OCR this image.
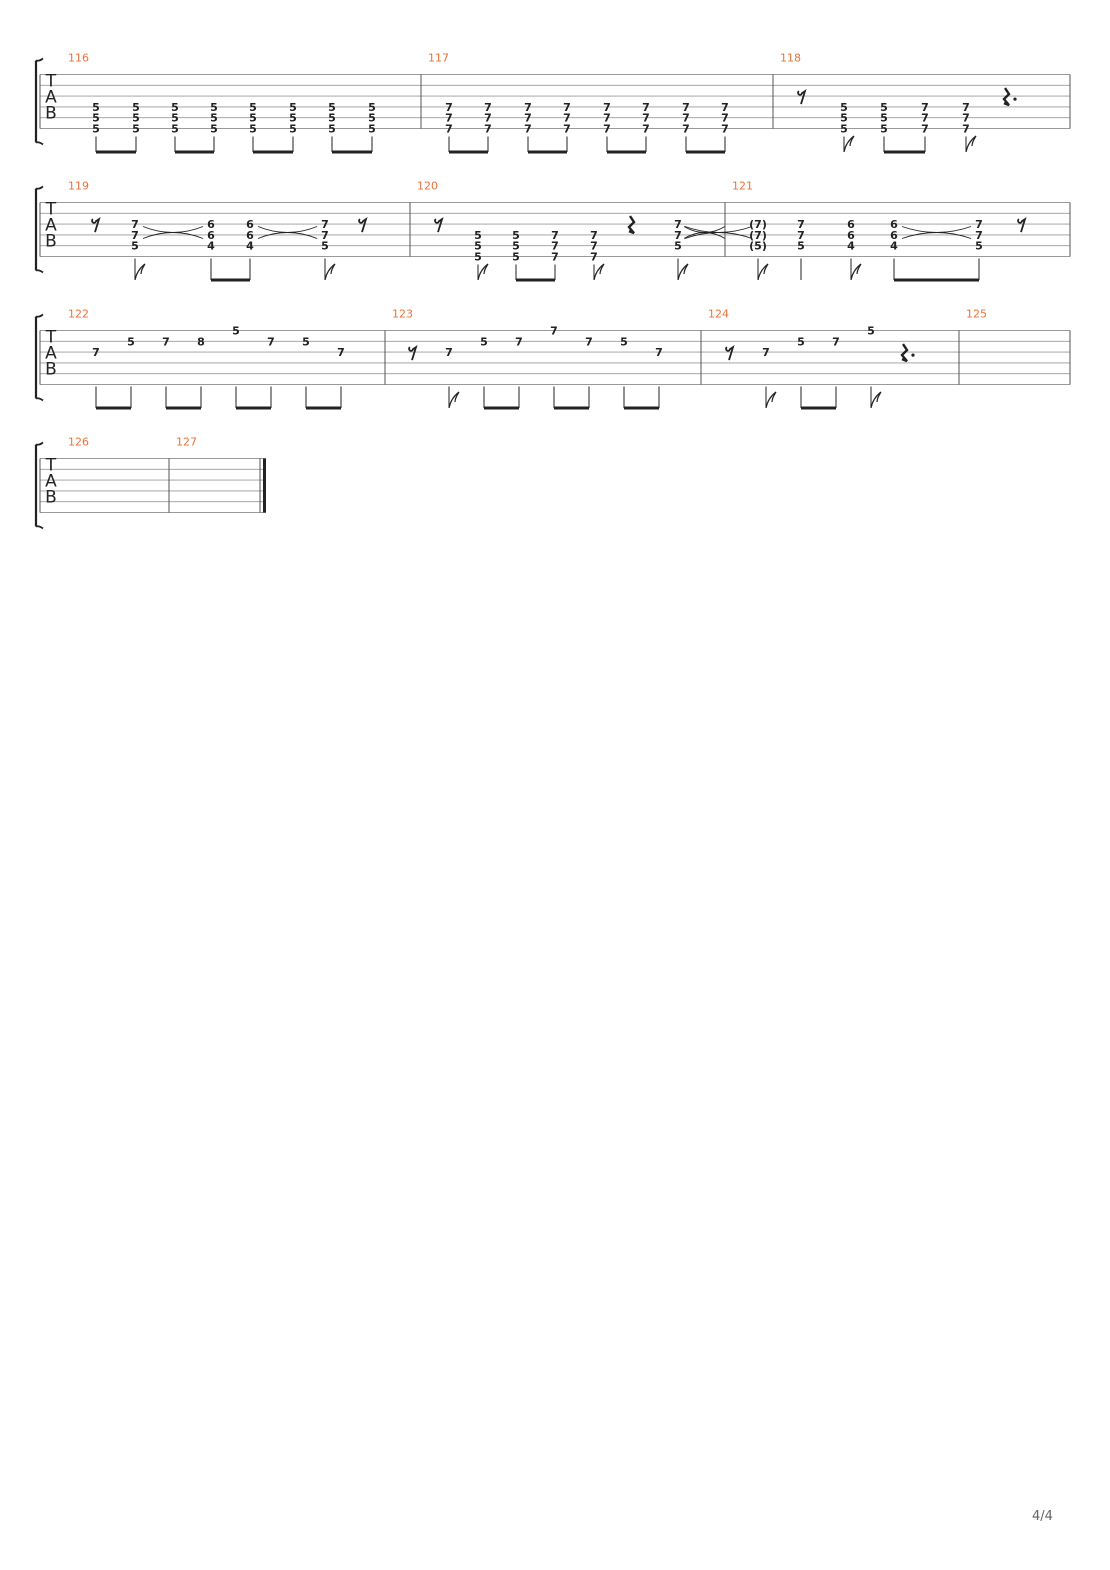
T
A
B
116
5
5
5
5
5
5
5
5
5
5
5
5
5
5
5
5
5
5
5
5
5
5
5
5
117
7
7
7
7
7
7
7
7
7
7
7
7
7
7
7
7
7
7
7
7
7
7
7
7
118
5
5
5
5
5
5
7
7
7
7
7
7
T
A
B
119
7
7
5
6
6
4
6
6
4
7
7
5
120
5
5
5
5
5
5
7
7
7
7
7
7
7
7
5
121
(7)
(7)
(5)
7
7
5
6
6
4
6
6
4
7
7
5
T
A
B
122
7
5 7 8
5
7 5
7
123
7
5 7
7
7 5
7
124
7
5 7
5
125
T
A
B
126	127
4/4
